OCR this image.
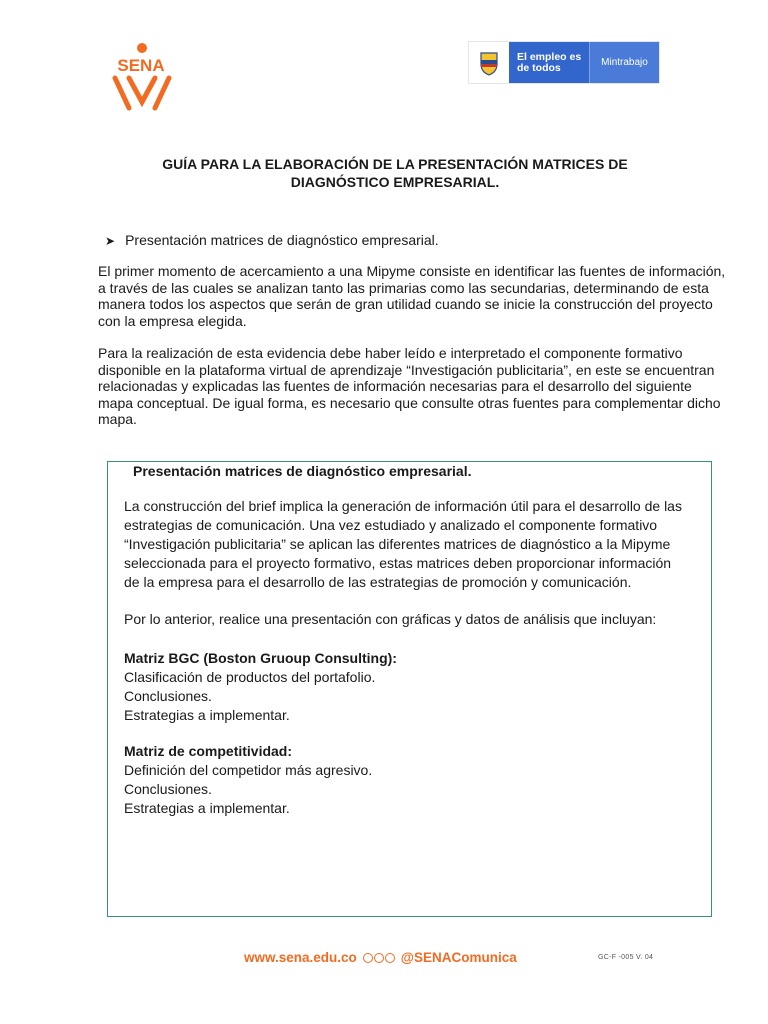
SENA	El empleo es de todos	Mintrabajo
GUÍA PARA LA ELABORACIÓN DE LA PRESENTACIÓN MATRICES DE
DIAGNÓSTICO EMPRESARIAL.
➤ Presentación matrices de diagnóstico empresarial.
El primer momento de acercamiento a una Mipyme consiste en identificar las fuentes de información, a través de las cuales se analizan tanto las primarias como las secundarias, determinando de esta manera todos los aspectos que serán de gran utilidad cuando se inicie la construcción del proyecto con la empresa elegida.
Para la realización de esta evidencia debe haber leído e interpretado el componente formativo disponible en la plataforma virtual de aprendizaje “Investigación publicitaria”, en este se encuentran relacionadas y explicadas las fuentes de información necesarias para el desarrollo del siguiente mapa conceptual. De igual forma, es necesario que consulte otras fuentes para complementar dicho mapa.
Presentación matrices de diagnóstico empresarial.
La construcción del brief implica la generación de información útil para el desarrollo de las estrategias de comunicación. Una vez estudiado y analizado el componente formativo “Investigación publicitaria” se aplican las diferentes matrices de diagnóstico a la Mipyme seleccionada para el proyecto formativo, estas matrices deben proporcionar información de la empresa para el desarrollo de las estrategias de promoción y comunicación.
Por lo anterior, realice una presentación con gráficas y datos de análisis que incluyan:
Matriz BGC (Boston Gruoup Consulting):
Clasificación de productos del portafolio.
Conclusiones.
Estrategias a implementar.
Matriz de competitividad:
Definición del competidor más agresivo.
Conclusiones.
Estrategias a implementar.
www.sena.edu.co	@SENAComunica	GC-F -005 V. 04
